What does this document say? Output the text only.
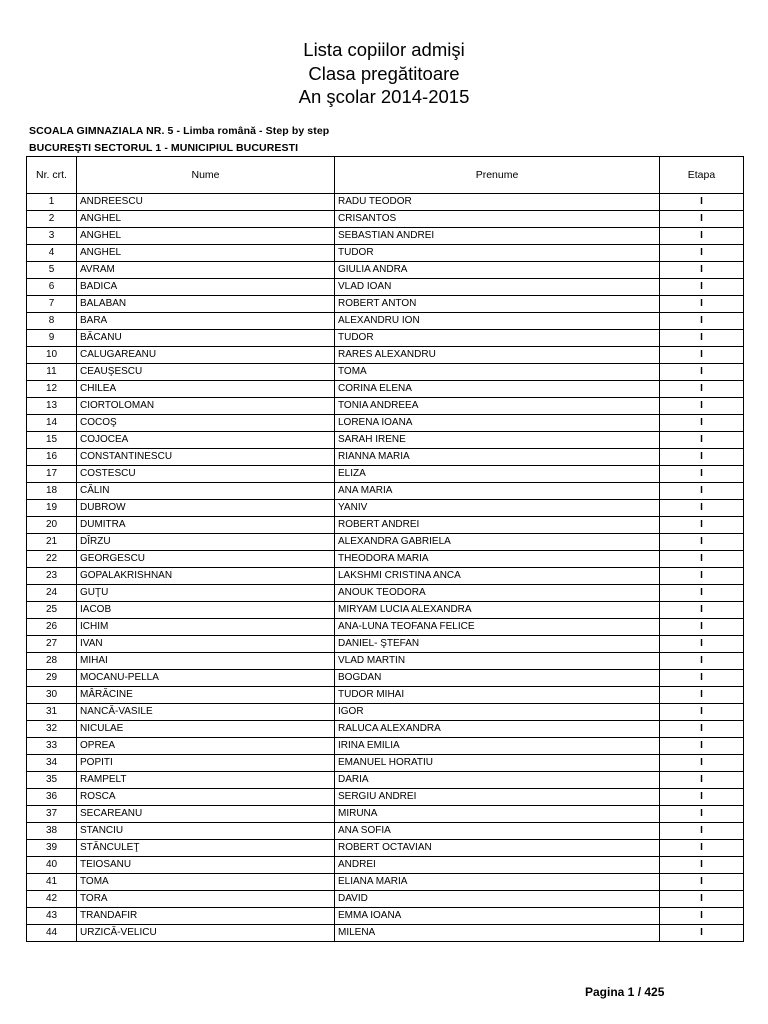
Lista copiilor admişi
Clasa pregătitoare
An şcolar 2014-2015
SCOALA GIMNAZIALA NR. 5 - Limba română - Step by step
BUCUREŞTI SECTORUL 1 - MUNICIPIUL BUCURESTI
Nr. crt.	Nume	Prenume	Etapa
1	ANDREESCU	RADU TEODOR	I
2	ANGHEL	CRISANTOS	I
3	ANGHEL	SEBASTIAN ANDREI	I
4	ANGHEL	TUDOR	I
5	AVRAM	GIULIA ANDRA	I
6	BADICA	VLAD IOAN	I
7	BALABAN	ROBERT ANTON	I
8	BARA	ALEXANDRU ION	I
9	BĂCANU	TUDOR	I
10	CALUGAREANU	RARES ALEXANDRU	I
11	CEAUŞESCU	TOMA	I
12	CHILEA	CORINA ELENA	I
13	CIORTOLOMAN	TONIA ANDREEA	I
14	COCOŞ	LORENA IOANA	I
15	COJOCEA	SARAH IRENE	I
16	CONSTANTINESCU	RIANNA MARIA	I
17	COSTESCU	ELIZA	I
18	CĂLIN	ANA MARIA	I
19	DUBROW	YANIV	I
20	DUMITRA	ROBERT ANDREI	I
21	DÎRZU	ALEXANDRA GABRIELA	I
22	GEORGESCU	THEODORA MARIA	I
23	GOPALAKRISHNAN	LAKSHMI CRISTINA ANCA	I
24	GUŢU	ANOUK TEODORA	I
25	IACOB	MIRYAM LUCIA ALEXANDRA	I
26	ICHIM	ANA-LUNA TEOFANA FELICE	I
27	IVAN	DANIEL- ŞTEFAN	I
28	MIHAI	VLAD MARTIN	I
29	MOCANU-PELLA	BOGDAN	I
30	MÂRĂCINE	TUDOR MIHAI	I
31	NANCĂ-VASILE	IGOR	I
32	NICULAE	RALUCA ALEXANDRA	I
33	OPREA	IRINA EMILIA	I
34	POPITI	EMANUEL HORATIU	I
35	RAMPELT	DARIA	I
36	ROSCA	SERGIU ANDREI	I
37	SECAREANU	MIRUNA	I
38	STANCIU	ANA SOFIA	I
39	STĂNCULEŢ	ROBERT OCTAVIAN	I
40	TEIOSANU	ANDREI	I
41	TOMA	ELIANA MARIA	I
42	TORA	DAVID	I
43	TRANDAFIR	EMMA IOANA	I
44	URZICĂ-VELICU	MILENA	I
Pagina 1 / 425
